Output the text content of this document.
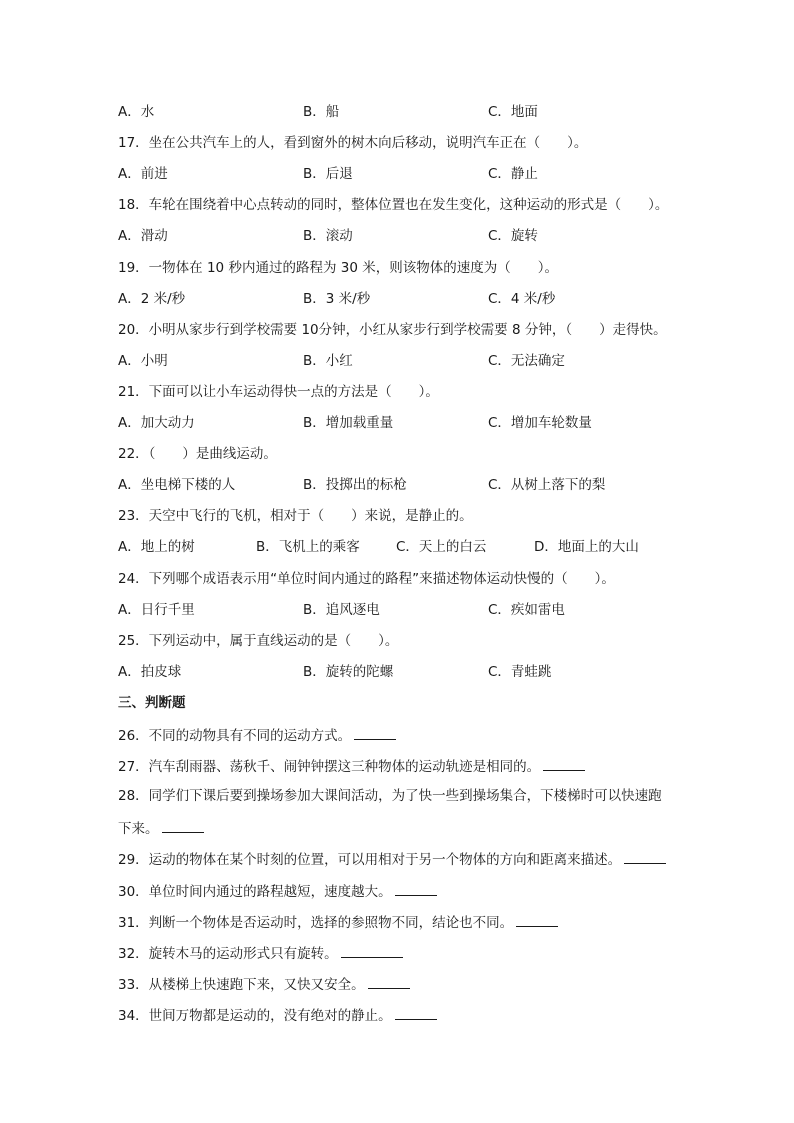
A．水	B．船	C．地面
17．坐在公共汽车上的人，看到窗外的树木向后移动，说明汽车正在（　　）。
A．前进	B．后退	C．静止
18．车轮在围绕着中心点转动的同时，整体位置也在发生变化，这种运动的形式是（　　）。
A．滑动	B．滚动	C．旋转
19．一物体在 10 秒内通过的路程为 30 米，则该物体的速度为（　　）。
A．2 米/秒	B．3 米/秒	C．4 米/秒
20．小明从家步行到学校需要 10分钟，小红从家步行到学校需要 8 分钟，（　　）走得快。
A．小明	B．小红	C．无法确定
21．下面可以让小车运动得快一点的方法是（　　）。
A．加大动力	B．增加载重量	C．增加车轮数量
22．（　　）是曲线运动。
A．坐电梯下楼的人	B．投掷出的标枪	C．从树上落下的梨
23．天空中飞行的飞机，相对于（　　）来说，是静止的。
A．地上的树	B．飞机上的乘客	C．天上的白云	D．地面上的大山
24．下列哪个成语表示用“单位时间内通过的路程”来描述物体运动快慢的（　　）。
A．日行千里	B．追风逐电	C．疾如雷电
25．下列运动中，属于直线运动的是（　　）。
A．拍皮球	B．旋转的陀螺	C．青蛙跳
三、判断题
26．不同的动物具有不同的运动方式。
27．汽车刮雨器、荡秋千、闹钟钟摆这三种物体的运动轨迹是相同的。
28．同学们下课后要到操场参加大课间活动，为了快一些到操场集合，下楼梯时可以快速跑
下来。
29．运动的物体在某个时刻的位置，可以用相对于另一个物体的方向和距离来描述。
30．单位时间内通过的路程越短，速度越大。
31．判断一个物体是否运动时，选择的参照物不同，结论也不同。
32．旋转木马的运动形式只有旋转。
33．从楼梯上快速跑下来，又快又安全。
34．世间万物都是运动的，没有绝对的静止。
